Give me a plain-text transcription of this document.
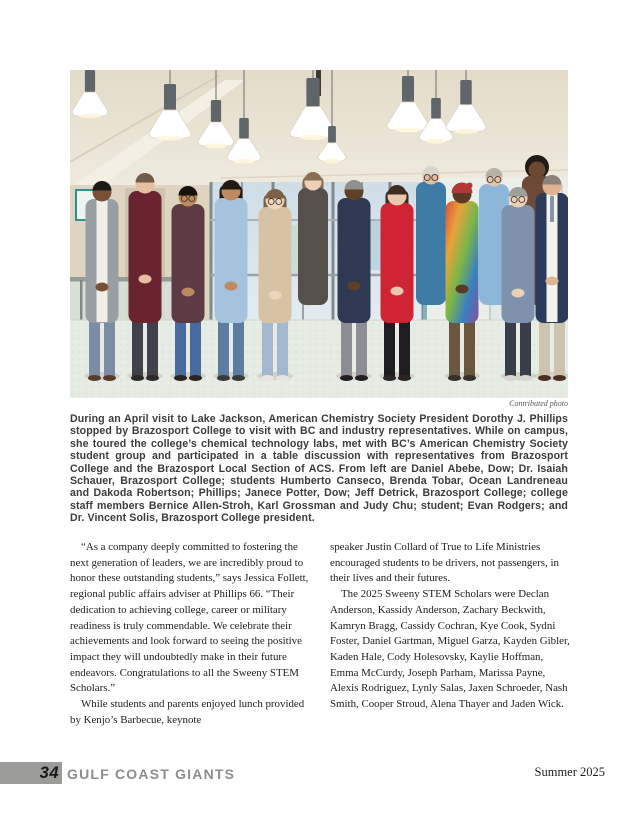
Contributed photo
During an April visit to Lake Jackson, American Chemistry Society President Dorothy J. Phillips stopped by Brazosport College to visit with BC and industry representatives. While on campus, she toured the college’s chemical technology labs, met with BC’s American Chemistry Society student group and participated in a table discussion with representatives from Brazosport College and the Brazosport Local Section of ACS. From left are Daniel Abebe, Dow; Dr. Isaiah Schauer, Brazosport College; students Humberto Canseco, Brenda Tobar, Ocean Landreneau and Dakoda Robertson; Phillips; Janece Potter, Dow; Jeff Detrick, Brazosport College; college staff members Bernice Allen-Stroh, Karl Grossman and Judy Chu; student; Evan Rodgers; and Dr. Vincent Solis, Brazosport College president.

“As a company deeply committed to fostering the next generation of leaders, we are incredibly proud to honor these outstanding students,” says Jessica Follett, regional public affairs adviser at Phillips 66. “Their dedication to achieving college, career or military readiness is truly commendable. We celebrate their achievements and look forward to seeing the positive impact they will undoubtedly make in their future endeavors. Congratulations to all the Sweeny STEM Scholars.”

While students and parents enjoyed lunch provided by Kenjo’s Barbecue, keynote

speaker Justin Collard of True to Life Ministries encouraged students to be drivers, not passengers, in their lives and their futures.

The 2025 Sweeny STEM Scholars were Declan Anderson, Kassidy Anderson, Zachary Beckwith, Kamryn Bragg, Cassidy Cochran, Kye Cook, Sydni Foster, Daniel Gartman, Miguel Garza, Kayden Gibler, Kaden Hale, Cody Holesovsky, Kaylie Hoffman, Emma McCurdy, Joseph Parham, Marissa Payne, Alexis Rodriguez, Lynly Salas, Jaxen Schroeder, Nash Smith, Cooper Stroud, Alena Thayer and Jaden Wick.

34 GULF COAST GIANTS	Summer 2025
